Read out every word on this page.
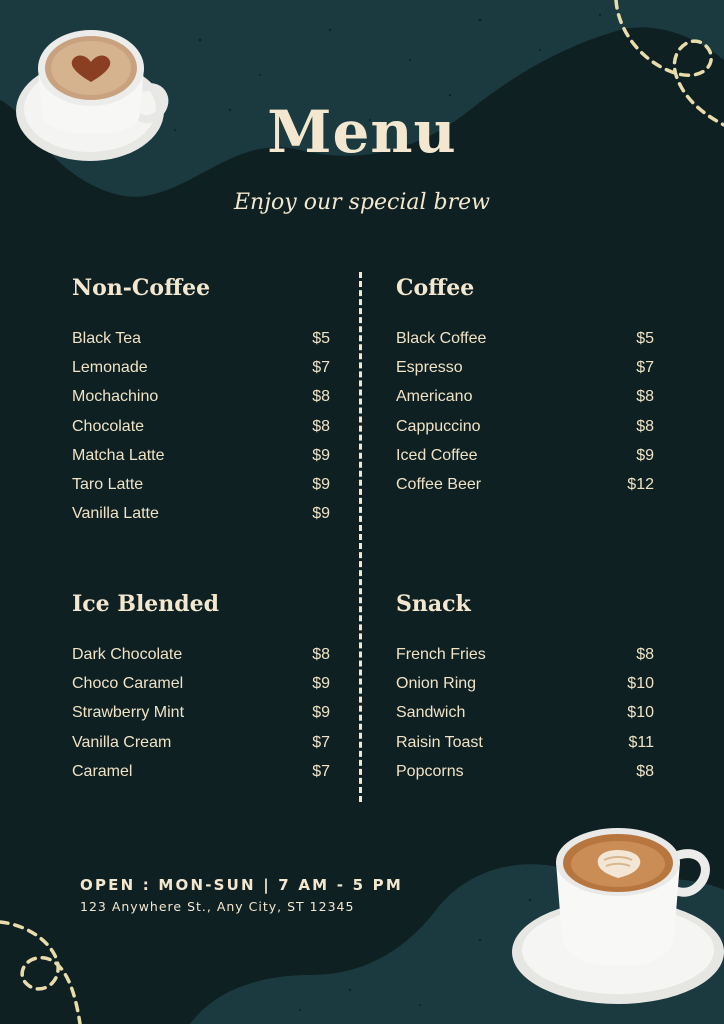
Menu
Enjoy our special brew
Non-Coffee
Black Tea	$5
Lemonade	$7
Mochachino	$8
Chocolate	$8
Matcha Latte	$9
Taro Latte	$9
Vanilla Latte	$9
Coffee
Black Coffee	$5
Espresso	$7
Americano	$8
Cappuccino	$8
Iced Coffee	$9
Coffee Beer	$12
Ice Blended
Dark Chocolate	$8
Choco Caramel	$9
Strawberry Mint	$9
Vanilla Cream	$7
Caramel	$7
Snack
French Fries	$8
Onion Ring	$10
Sandwich	$10
Raisin Toast	$11
Popcorns	$8
OPEN : MON-SUN | 7 AM - 5 PM
123 Anywhere St., Any City, ST 12345
